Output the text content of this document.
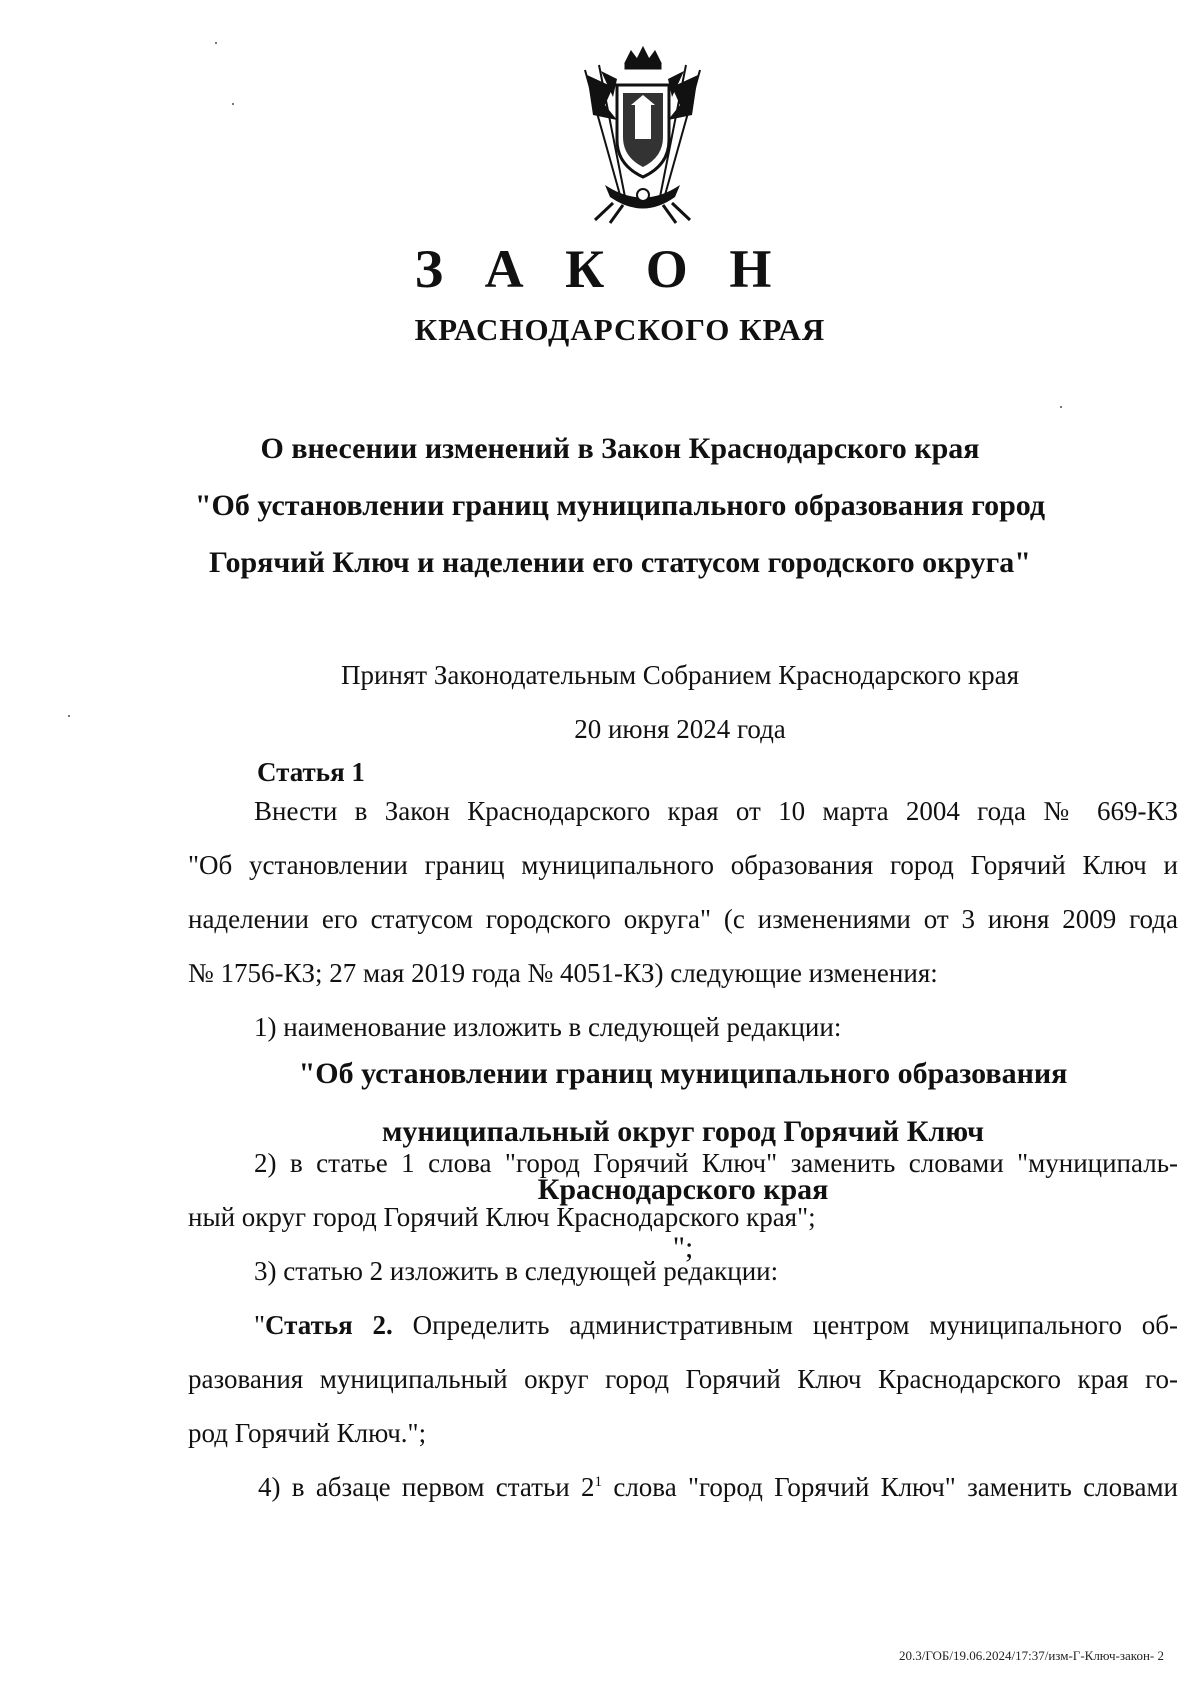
З А К О Н
КРАСНОДАРСКОГО КРАЯ
О внесении изменений в Закон Краснодарского края
"Об установлении границ муниципального образования город
Горячий Ключ и наделении его статусом городского округа"
Принят Законодательным Собранием Краснодарского края
20 июня 2024 года
Статья 1
Внести в Закон Краснодарского края от 10 марта 2004 года № 669-КЗ
"Об установлении границ муниципального образования город Горячий Ключ и
наделении его статусом городского округа" (с изменениями от 3 июня 2009 года
№ 1756-КЗ; 27 мая 2019 года № 4051-КЗ) следующие изменения:
1) наименование изложить в следующей редакции:
"Об установлении границ муниципального образования
муниципальный округ город Горячий Ключ
Краснодарского края
";
2) в статье 1 слова "город Горячий Ключ" заменить словами "муниципаль-
ный округ город Горячий Ключ Краснодарского края";
3) статью 2 изложить в следующей редакции:
"Статья 2. Определить административным центром муниципального об-
разования муниципальный округ город Горячий Ключ Краснодарского края го-
род Горячий Ключ.";
4) в абзаце первом статьи $2^1$ слова "город Горячий Ключ" заменить словами
20.3/ГОБ/19.06.2024/17:37/изм-Г-Ключ-закон- 2
